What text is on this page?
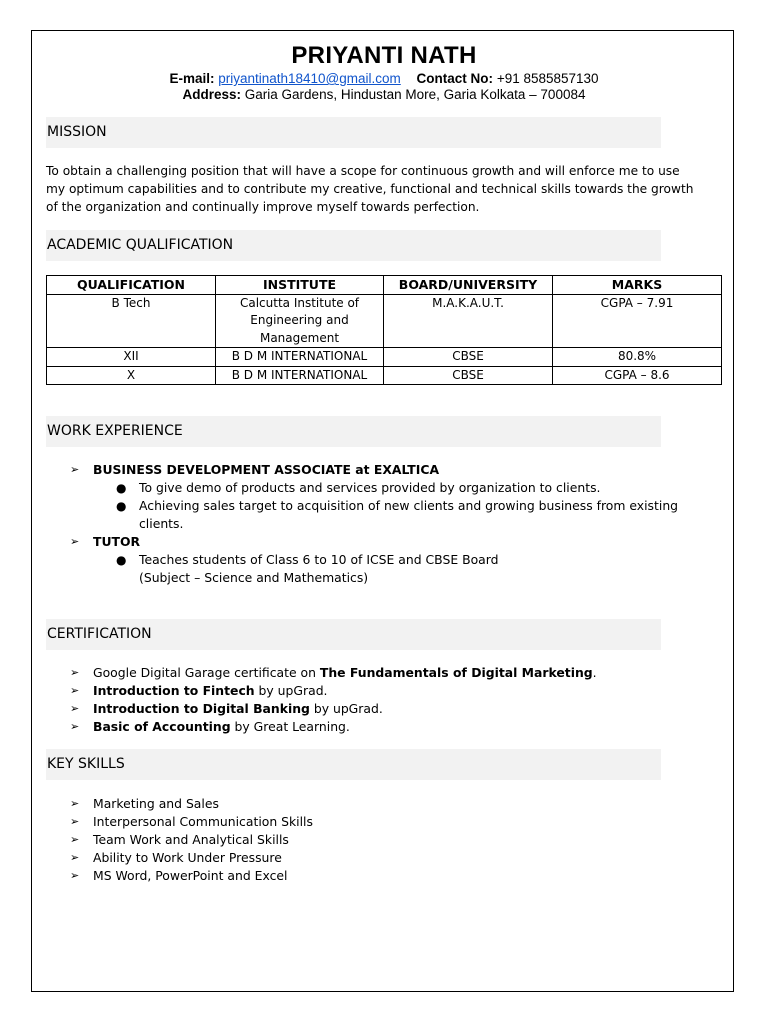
PRIYANTI NATH
E-mail: priyantinath18410@gmail.com Contact No: +91 8585857130
Address: Garia Gardens, Hindustan More, Garia Kolkata – 700084
MISSION
To obtain a challenging position that will have a scope for continuous growth and will enforce me to use
my optimum capabilities and to contribute my creative, functional and technical skills towards the growth
of the organization and continually improve myself towards perfection.
ACADEMIC QUALIFICATION
QUALIFICATION	INSTITUTE	BOARD/UNIVERSITY	MARKS
B Tech	Calcutta Institute of Engineering and Management	M.A.K.A.U.T.	CGPA – 7.91
XII	B D M INTERNATIONAL	CBSE	80.8%
X	B D M INTERNATIONAL	CBSE	CGPA – 8.6
WORK EXPERIENCE
➢ BUSINESS DEVELOPMENT ASSOCIATE at EXALTICA
● To give demo of products and services provided by organization to clients.
● Achieving sales target to acquisition of new clients and growing business from existing clients.
➢ TUTOR
● Teaches students of Class 6 to 10 of ICSE and CBSE Board
(Subject – Science and Mathematics)
CERTIFICATION
➢ Google Digital Garage certificate on The Fundamentals of Digital Marketing.
➢ Introduction to Fintech by upGrad.
➢ Introduction to Digital Banking by upGrad.
➢ Basic of Accounting by Great Learning.
KEY SKILLS
➢ Marketing and Sales
➢ Interpersonal Communication Skills
➢ Team Work and Analytical Skills
➢ Ability to Work Under Pressure
➢ MS Word, PowerPoint and Excel
